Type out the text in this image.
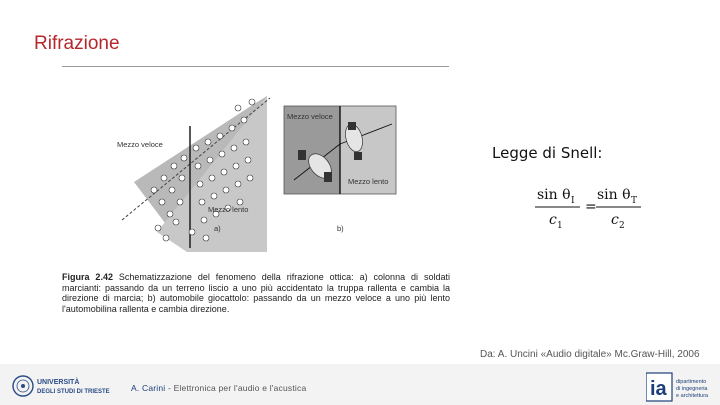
Rifrazione
Mezzo veloce
Mezzo lento
Mezzo veloce
Mezzo lento
a)	b)
Figura 2.42 Schematizzazione del fenomeno della rifrazione ottica: a) colonna di soldati marcianti: passando da un terreno liscio a uno più accidentato la truppa rallenta e cambia la direzione di marcia; b) automobile giocattolo: passando da un mezzo veloce a uno più lento l'automobilina rallenta e cambia direzione.
Legge di Snell:
sin θ I
c 1
=
sin θ T
c 2
Da: A. Uncini «Audio digitale» Mc.Graw-Hill, 2006
UNIVERSITÀ
DEGLI STUDI DI TRIESTE	A. Carini - Elettronica per l'audio e l'acustica	ia dipartimento
di ingegneria
e architettura
